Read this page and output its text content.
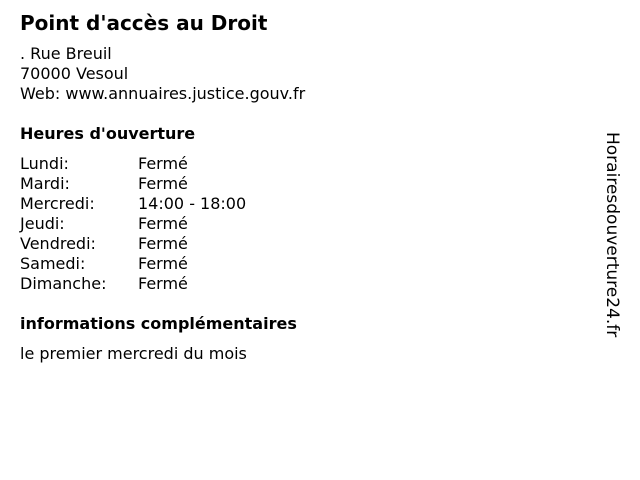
Point d'accès au Droit
. Rue Breuil
70000 Vesoul
Web: www.annuaires.justice.gouv.fr
Heures d'ouverture
Lundi:	Fermé
Mardi:	Fermé
Mercredi:	14:00 - 18:00
Jeudi:	Fermé
Vendredi:	Fermé
Samedi:	Fermé
Dimanche:	Fermé
informations complémentaires
le premier mercredi du mois
Horairesdouverture24.fr
